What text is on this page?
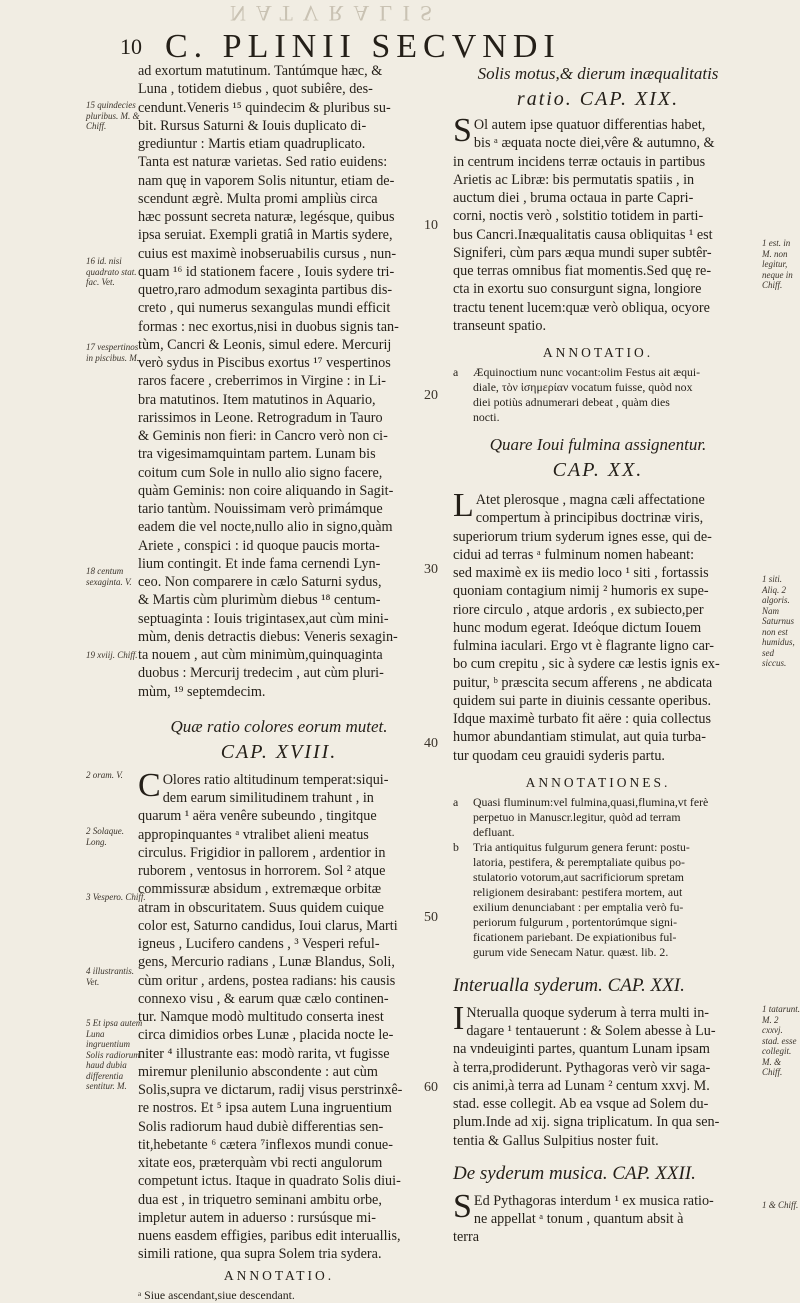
NATVRALIS
10 C. PLINII SECVNDI
ad exortum matutinum. Tantúmque hæc, &
Luna , totidem diebus , quot subiêre, des-
cendunt.Veneris ¹⁵ quindecim & pluribus su-
bit. Rursus Saturni & Iouis duplicato di-
grediuntur : Martis etiam quadruplicato.
Tanta est naturæ varietas. Sed ratio euidens:
nam quę in vaporem Solis nituntur, etiam de-
scendunt ægrè. Multa promi ampliùs circa
hæc possunt secreta naturæ, legésque, quibus
ipsa seruiat. Exempli gratiâ in Martis sydere,
cuius est maximè inobseruabilis cursus , nun-
quam ¹⁶ id stationem facere , Iouis sydere tri-
quetro,raro admodum sexaginta partibus dis-
creto , qui numerus sexangulas mundi efficit
formas : nec exortus,nisi in duobus signis tan-
tùm, Cancri & Leonis, simul edere. Mercurij
verò sydus in Piscibus exortus ¹⁷ vespertinos
raros facere , creberrimos in Virgine : in Li-
bra matutinos. Item matutinos in Aquario,
rarissimos in Leone. Retrogradum in Tauro
& Geminis non fieri: in Cancro verò non ci-
tra vigesimamquintam partem. Lunam bis
coitum cum Sole in nullo alio signo facere,
quàm Geminis: non coire aliquando in Sagit-
tario tantùm. Nouissimam verò primámque
eadem die vel nocte,nullo alio in signo,quàm
Ariete , conspici : id quoque paucis morta-
lium contingit. Et inde fama cernendi Lyn-
ceo. Non comparere in cælo Saturni sydus,
& Martis cùm plurimùm diebus ¹⁸ centum-
septuaginta : Iouis trigintasex,aut cùm mini-
mùm, denis detractis diebus: Veneris sexagin-
ta nouem , aut cùm minimùm,quinquaginta
duobus : Mercurij tredecim , aut cùm pluri-
mùm, ¹⁹ septemdecim.
Quæ ratio colores eorum mutet.
CAP. XVIII.
C Olores ratio altitudinum temperat:siqui-
dem earum similitudinem trahunt , in
quarum ¹ aëra venêre subeundo , tingitque
appropinquantes ᵃ vtralibet alieni meatus
circulus. Frigidior in pallorem , ardentior in
ruborem , ventosus in horrorem. Sol ² atque
commissuræ absidum , extremæque orbitæ
atram in obscuritatem. Suus quidem cuique
color est, Saturno candidus, Ioui clarus, Marti
igneus , Lucifero candens , ³ Vesperi reful-
gens, Mercurio radians , Lunæ Blandus, Soli,
cùm oritur , ardens, postea radians: his causis
connexo visu , & earum quæ cælo continen-
tur. Namque modò multitudo conserta inest
circa dimidios orbes Lunæ , placida nocte le-
niter ⁴ illustrante eas: modò rarita, vt fugisse
miremur plenilunio abscondente : aut cùm
Solis,supra ve dictarum, radij visus perstrinxê-
re nostros. Et ⁵ ipsa autem Luna ingruentium
Solis radiorum haud dubiè differentias sen-
tit,hebetante ⁶ cætera ⁷inflexos mundi conue-
xitate eos, præterquàm vbi recti angulorum
competunt ictus. Itaque in quadrato Solis diui-
dua est , in triquetro seminani ambitu orbe,
impletur autem in aduerso : rursúsque mi-
nuens easdem effigies, paribus edit interuallis,
simili ratione, qua supra Solem tria sydera.
ANNOTATIO.
ᵃ Siue ascendant,siue descendant.
Solis motus,& dierum inæqualitatis
ratio. CAP. XIX.
S Ol autem ipse quatuor differentias habet,
bis ᵃ æquata nocte diei,vêre & autumno, &
in centrum incidens terræ octauis in partibus
Arietis ac Libræ: bis permutatis spatiis , in
auctum diei , bruma octaua in parte Capri-
corni, noctis verò , solstitio totidem in parti-
bus Cancri.Inæqualitatis causa obliquitas ¹ est
Signiferi, cùm pars æqua mundi super subtêr-
que terras omnibus fiat momentis.Sed quę re-
cta in exortu suo consurgunt signa, longiore
tractu tenent lucem:quæ verò obliqua, ocyore
transeunt spatio.
ANNOTATIO.
a	Æquinoctium nunc vocant:olim Festus ait æqui-
diale, τὸν ἰσημερίαν vocatum fuisse, quòd nox
diei potiùs adnumerari debeat , quàm dies
nocti.
Quare Ioui fulmina assignentur.
CAP. XX.
L Atet plerosque , magna cæli affectatione
compertum à principibus doctrinæ viris,
superiorum trium syderum ignes esse, qui de-
cidui ad terras ᵃ fulminum nomen habeant:
sed maximè ex iis medio loco ¹ siti , fortassis
quoniam contagium nimij ² humoris ex supe-
riore circulo , atque ardoris , ex subiecto,per
hunc modum egerat. Ideóque dictum Iouem
fulmina iaculari. Ergo vt è flagrante ligno car-
bo cum crepitu , sic à sydere cæ lestis ignis ex-
puitur, ᵇ præscita secum afferens , ne abdicata
quidem sui parte in diuinis cessante operibus.
Idque maximè turbato fit aëre : quia collectus
humor abundantiam stimulat, aut quia turba-
tur quodam ceu grauidi syderis partu.
ANNOTATIONES.
a	Quasi fluminum:vel fulmina,quasi,flumina,vt ferè
perpetuo in Manuscr.legitur, quòd ad terram
defluant.
b	Tria antiquitus fulgurum genera ferunt: postu-
latoria, pestifera, & peremptaliate quibus po-
stulatorio votorum,aut sacrificiorum spretam
religionem desirabant: pestifera mortem, aut
exilium denunciabant : per emptalia verò fu-
periorum fulgurum , portentorúmque signi-
ficationem pariebant. De expiationibus ful-
gurum vide Senecam Natur. quæst. lib. 2.
Interualla syderum. CAP. XXI.
I Nteruallа quoque syderum à terra multi in-
dagare ¹ tentauerunt : & Solem abesse à Lu-
na vndeuiginti partes, quantum Lunam ipsam
à terra,prodiderunt. Pythagoras verò vir saga-
cis animi,à terra ad Lunam ² centum xxvj. M.
stad. esse collegit. Ab ea vsque ad Solem du-
plum.Inde ad xij. signa triplicatum. In qua sen-
tentia & Gallus Sulpitius noster fuit.
De syderum musica. CAP. XXII.
S Ed Pythagoras interdum ¹ ex musica ratio-
ne appellat ᵃ tonum , quantum absit à
terra
15 quindecies pluribus. M. & Chiff.
16 id. nisi quadrato stat. fac. Vet.
17 vespertinos in piscibus. M.
18 centum sexaginta. V.
19 xviij. Chiff.
2 oram. V.
2 Solaque. Long.
3 Vespero. Chiff.
4 illustrantis. Vet.
5 Et ipsa autem Luna ingruentium Solis radiorum haud dubia differentia sentitur. M.
1 est. in M. non legitur, neque in Chiff.
1 siti. Aliq. 2 algoris. Nam Saturnus non est humidus, sed siccus.
1 tatarunt. M. 2 cxxvj. stad. esse collegit. M. & Chiff.
1 & Chiff.
10
20
30
40
50
60
